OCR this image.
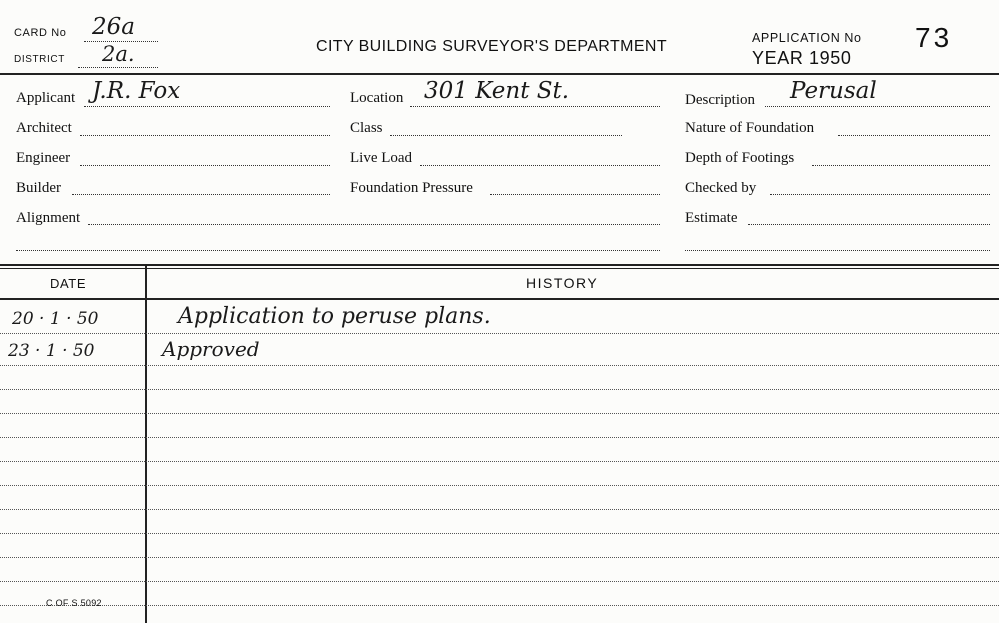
CARD No 26a
DISTRICT 2a.	CITY BUILDING SURVEYOR'S DEPARTMENT	APPLICATION No 73
YEAR 1950
Applicant J.R. Fox
Architect
Engineer
Builder
Alignment
Location 301 Kent St.
Class
Live Load
Foundation Pressure
Description Perusal
Nature of Foundation
Depth of Footings
Checked by
Estimate
DATE	HISTORY
20 · 1 · 50	Application to peruse plans.
23 · 1 · 50	Approved
C OF S 5092
